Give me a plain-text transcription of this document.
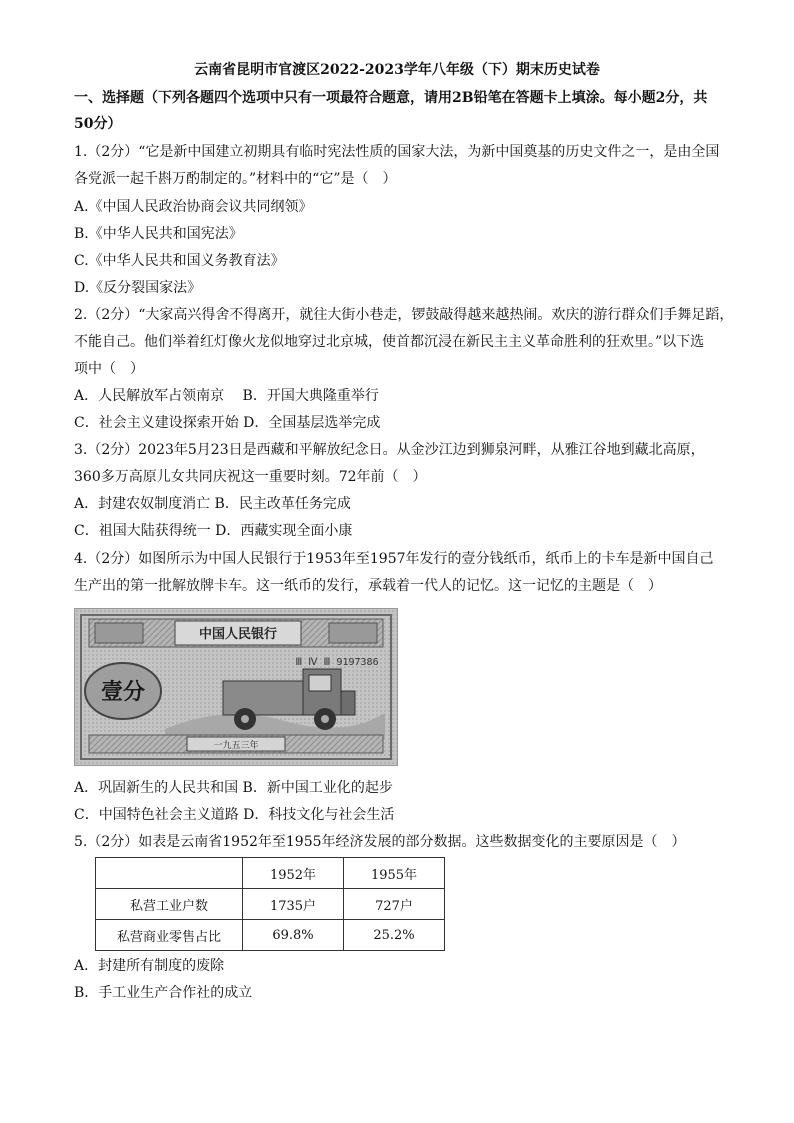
云南省昆明市官渡区2022-2023学年八年级（下）期末历史试卷
一、选择题（下列各题四个选项中只有一项最符合题意，请用2B铅笔在答题卡上填涂。每小题2分，共
50分）
1.（2分）“它是新中国建立初期具有临时宪法性质的国家大法，为新中国奠基的历史文件之一，是由全国
各党派一起千斟万酌制定的。”材料中的“它”是（　）
A.《中国人民政治协商会议共同纲领》
B.《中华人民共和国宪法》
C.《中华人民共和国义务教育法》
D.《反分裂国家法》
2.（2分）“大家高兴得舍不得离开，就往大街小巷走，锣鼓敲得越来越热闹。欢庆的游行群众们手舞足蹈，
不能自己。他们举着红灯像火龙似地穿过北京城，使首都沉浸在新民主主义革命胜利的狂欢里。”以下选
项中（　）
A．人民解放军占领南京　 B．开国大典隆重举行
C．社会主义建设探索开始 D．全国基层选举完成
3.（2分）2023年5月23日是西藏和平解放纪念日。从金沙江边到狮泉河畔，从雅江谷地到藏北高原，
360多万高原儿女共同庆祝这一重要时刻。72年前（　）
A．封建农奴制度消亡 B．民主改革任务完成
C．祖国大陆获得统一 D．西藏实现全面小康
4.（2分）如图所示为中国人民银行于1953年至1957年发行的壹分钱纸币，纸币上的卡车是新中国自己
生产出的第一批解放牌卡车。这一纸币的发行，承载着一代人的记忆。这一记忆的主题是（　）
中国人民银行
Ⅲ Ⅳ Ⅲ 9197386
壹分
一九五三年
A．巩固新生的人民共和国 B．新中国工业化的起步
C．中国特色社会主义道路 D．科技文化与社会生活
5.（2分）如表是云南省1952年至1955年经济发展的部分数据。这些数据变化的主要原因是（　）
	1952年	1955年
私营工业户数	1735户	727户
私营商业零售占比	69.8%	25.2%
A．封建所有制度的废除
B．手工业生产合作社的成立
